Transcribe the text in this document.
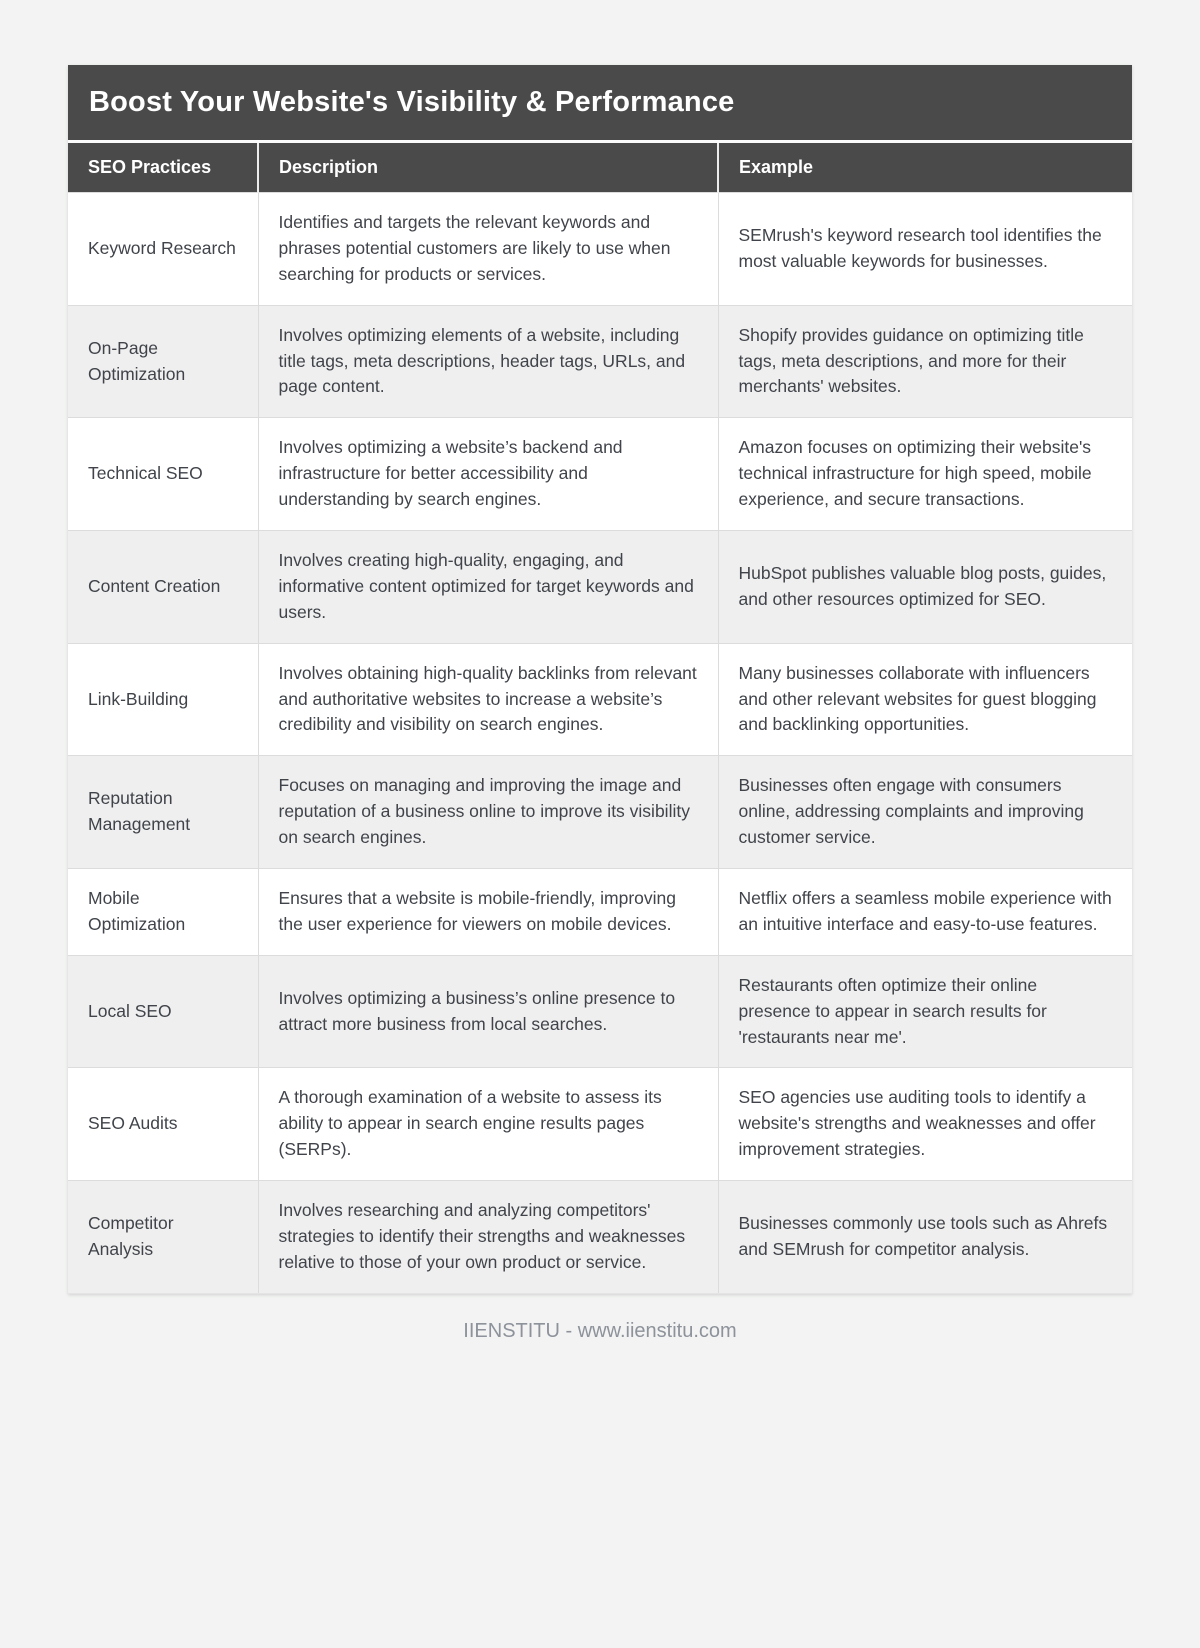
Boost Your Website's Visibility & Performance
SEO Practices	Description	Example
Keyword Research	Identifies and targets the relevant keywords and phrases potential customers are likely to use when searching for products or services.	SEMrush's keyword research tool identifies the most valuable keywords for businesses.
On-Page Optimization	Involves optimizing elements of a website, including title tags, meta descriptions, header tags, URLs, and page content.	Shopify provides guidance on optimizing title tags, meta descriptions, and more for their merchants' websites.
Technical SEO	Involves optimizing a website’s backend and infrastructure for better accessibility and understanding by search engines.	Amazon focuses on optimizing their website's technical infrastructure for high speed, mobile experience, and secure transactions.
Content Creation	Involves creating high-quality, engaging, and informative content optimized for target keywords and users.	HubSpot publishes valuable blog posts, guides, and other resources optimized for SEO.
Link-Building	Involves obtaining high-quality backlinks from relevant and authoritative websites to increase a website’s credibility and visibility on search engines.	Many businesses collaborate with influencers and other relevant websites for guest blogging and backlinking opportunities.
Reputation Management	Focuses on managing and improving the image and reputation of a business online to improve its visibility on search engines.	Businesses often engage with consumers online, addressing complaints and improving customer service.
Mobile Optimization	Ensures that a website is mobile-friendly, improving the user experience for viewers on mobile devices.	Netflix offers a seamless mobile experience with an intuitive interface and easy-to-use features.
Local SEO	Involves optimizing a business’s online presence to attract more business from local searches.	Restaurants often optimize their online presence to appear in search results for 'restaurants near me'.
SEO Audits	A thorough examination of a website to assess its ability to appear in search engine results pages (SERPs).	SEO agencies use auditing tools to identify a website's strengths and weaknesses and offer improvement strategies.
Competitor Analysis	Involves researching and analyzing competitors' strategies to identify their strengths and weaknesses relative to those of your own product or service.	Businesses commonly use tools such as Ahrefs and SEMrush for competitor analysis.
IIENSTITU - www.iienstitu.com
